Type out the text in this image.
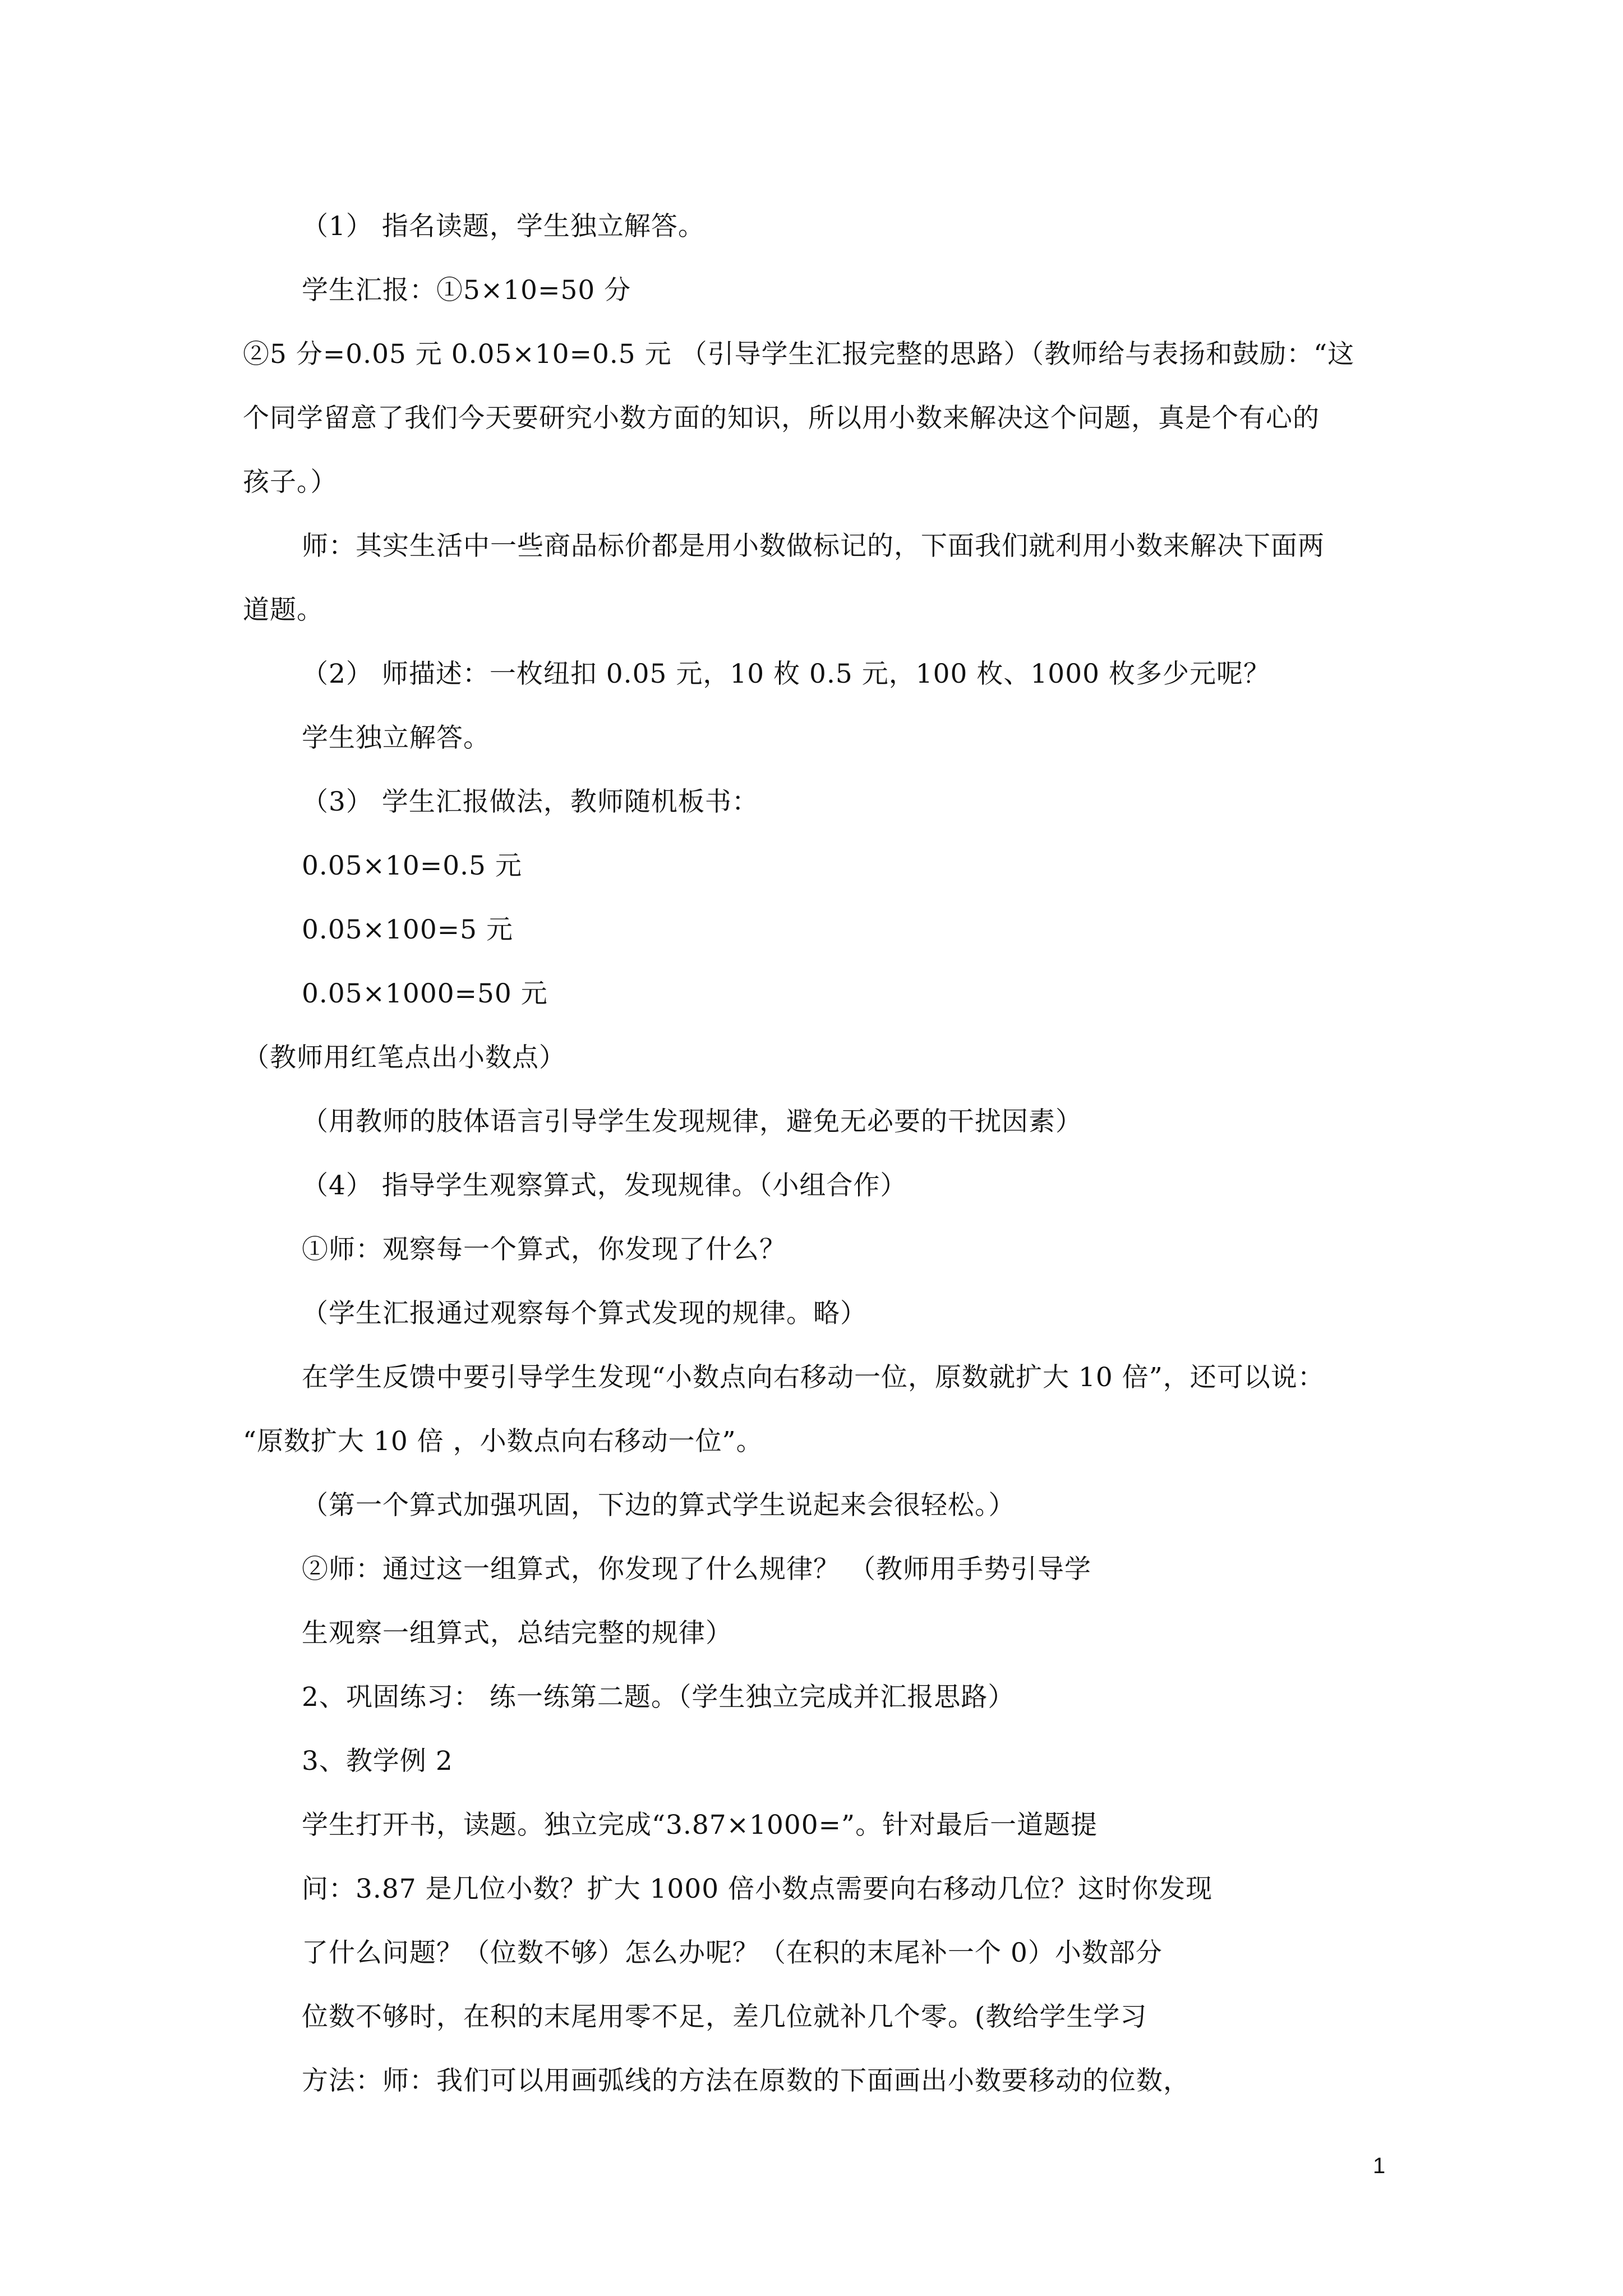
（1） 指名读题，学生独立解答。
学生汇报：①5×10=50 分
②5 分=0.05 元 0.05×10=0.5 元 （引导学生汇报完整的思路）（教师给与表扬和鼓励：“这
个同学留意了我们今天要研究小数方面的知识，所以用小数来解决这个问题，真是个有心的
孩子。）
师：其实生活中一些商品标价都是用小数做标记的，下面我们就利用小数来解决下面两
道题。
（2） 师描述：一枚纽扣 0.05 元，10 枚 0.5 元，100 枚、1000 枚多少元呢？
学生独立解答。
（3） 学生汇报做法，教师随机板书：
0.05×10=0.5 元
0.05×100=5 元
0.05×1000=50 元
（教师用红笔点出小数点）
（用教师的肢体语言引导学生发现规律，避免无必要的干扰因素）
（4） 指导学生观察算式，发现规律。（小组合作）
①师：观察每一个算式，你发现了什么？
（学生汇报通过观察每个算式发现的规律。略）
在学生反馈中要引导学生发现“小数点向右移动一位，原数就扩大 10 倍”，还可以说：
“原数扩大 10 倍 ，小数点向右移动一位”。
（第一个算式加强巩固，下边的算式学生说起来会很轻松。）
②师：通过这一组算式，你发现了什么规律？ （教师用手势引导学
生观察一组算式，总结完整的规律）
2、巩固练习： 练一练第二题。（学生独立完成并汇报思路）
3、教学例 2
学生打开书，读题。独立完成“3.87×1000=”。针对最后一道题提
问：3.87 是几位小数？扩大 1000 倍小数点需要向右移动几位？这时你发现
了什么问题？（位数不够）怎么办呢？（在积的末尾补一个 0）小数部分
位数不够时，在积的末尾用零不足，差几位就补几个零。(教给学生学习
方法：师：我们可以用画弧线的方法在原数的下面画出小数要移动的位数，
1
